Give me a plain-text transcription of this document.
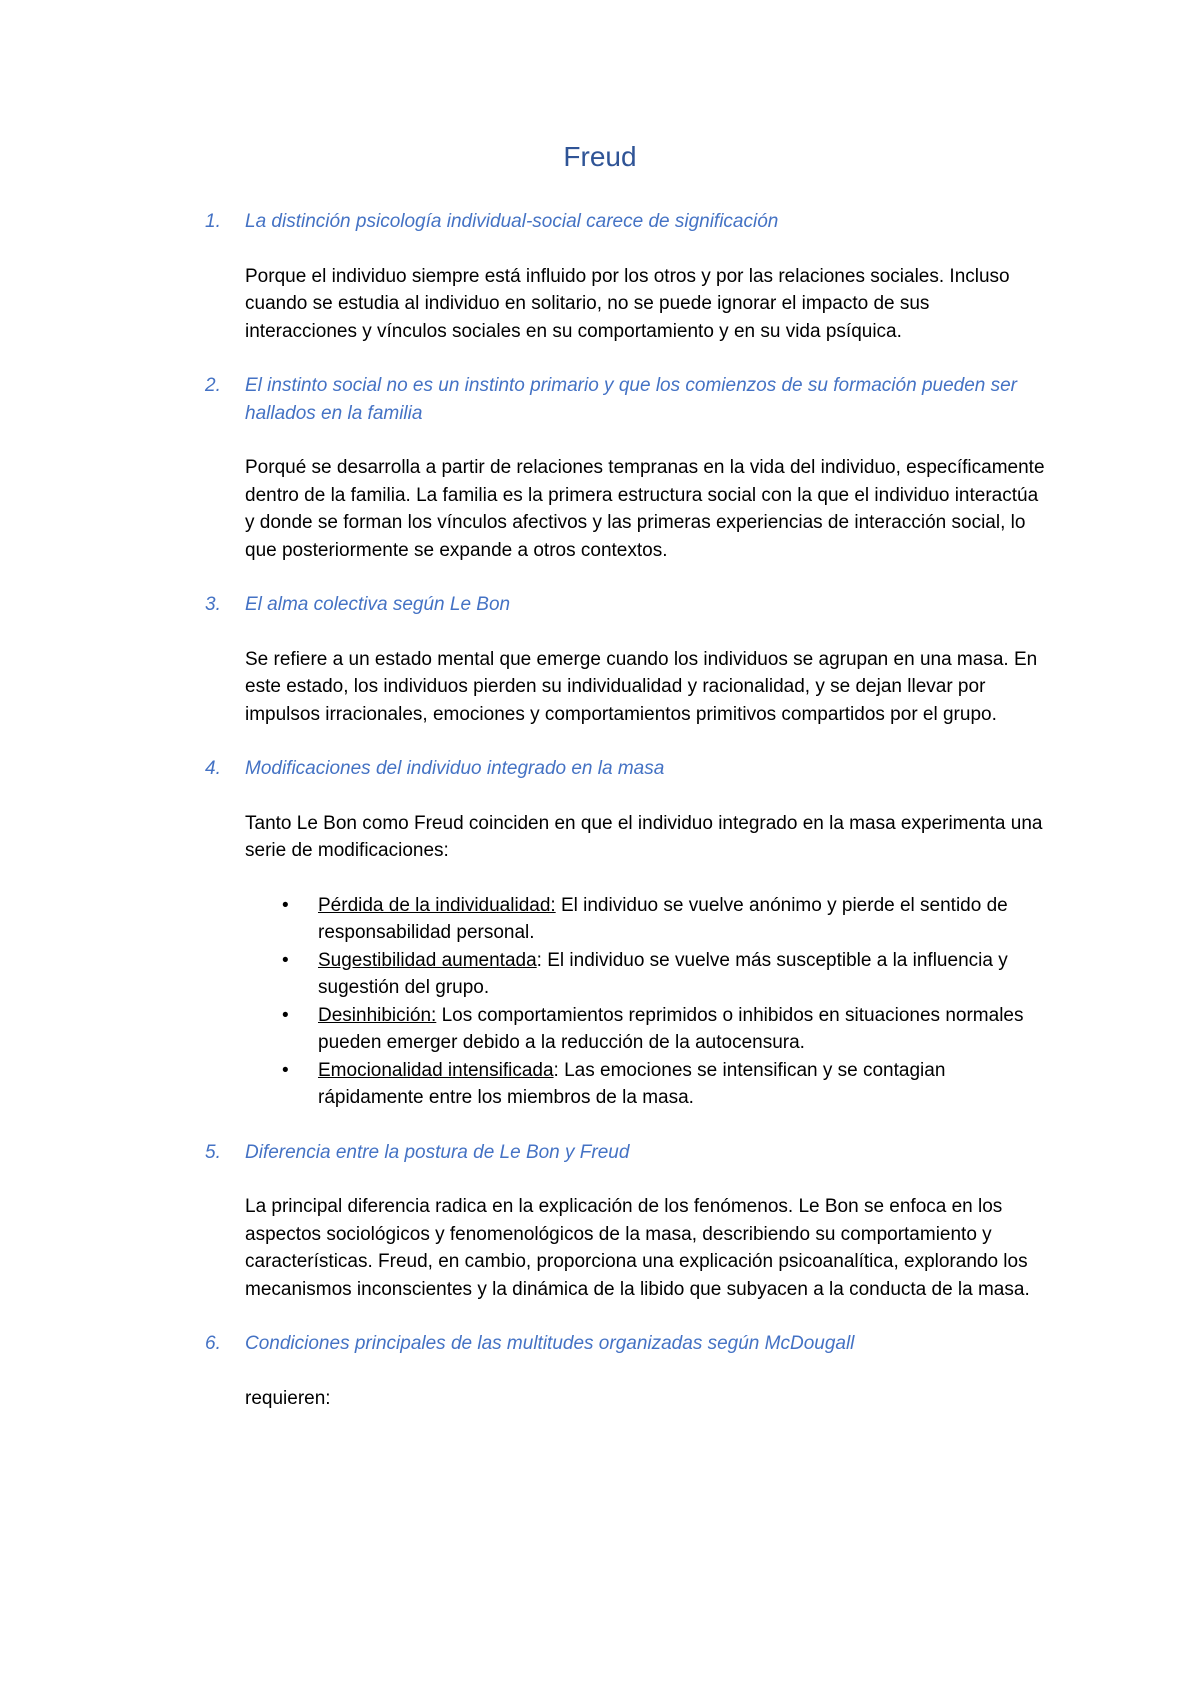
Freud
1. La distinción psicología individual-social carece de significación

Porque el individuo siempre está influido por los otros y por las relaciones sociales. Incluso cuando se estudia al individuo en solitario, no se puede ignorar el impacto de sus interacciones y vínculos sociales en su comportamiento y en su vida psíquica.

2. El instinto social no es un instinto primario y que los comienzos de su formación pueden ser hallados en la familia

Porqué se desarrolla a partir de relaciones tempranas en la vida del individuo, específicamente dentro de la familia. La familia es la primera estructura social con la que el individuo interactúa y donde se forman los vínculos afectivos y las primeras experiencias de interacción social, lo que posteriormente se expande a otros contextos.

3. El alma colectiva según Le Bon

Se refiere a un estado mental que emerge cuando los individuos se agrupan en una masa. En este estado, los individuos pierden su individualidad y racionalidad, y se dejan llevar por impulsos irracionales, emociones y comportamientos primitivos compartidos por el grupo.

4. Modificaciones del individuo integrado en la masa

Tanto Le Bon como Freud coinciden en que el individuo integrado en la masa experimenta una serie de modificaciones:

• Pérdida de la individualidad: El individuo se vuelve anónimo y pierde el sentido de responsabilidad personal.
• Sugestibilidad aumentada: El individuo se vuelve más susceptible a la influencia y sugestión del grupo.
• Desinhibición: Los comportamientos reprimidos o inhibidos en situaciones normales pueden emerger debido a la reducción de la autocensura.
• Emocionalidad intensificada: Las emociones se intensifican y se contagian rápidamente entre los miembros de la masa.
5. Diferencia entre la postura de Le Bon y Freud

La principal diferencia radica en la explicación de los fenómenos. Le Bon se enfoca en los aspectos sociológicos y fenomenológicos de la masa, describiendo su comportamiento y características. Freud, en cambio, proporciona una explicación psicoanalítica, explorando los mecanismos inconscientes y la dinámica de la libido que subyacen a la conducta de la masa.

6. Condiciones principales de las multitudes organizadas según McDougall

requieren:
